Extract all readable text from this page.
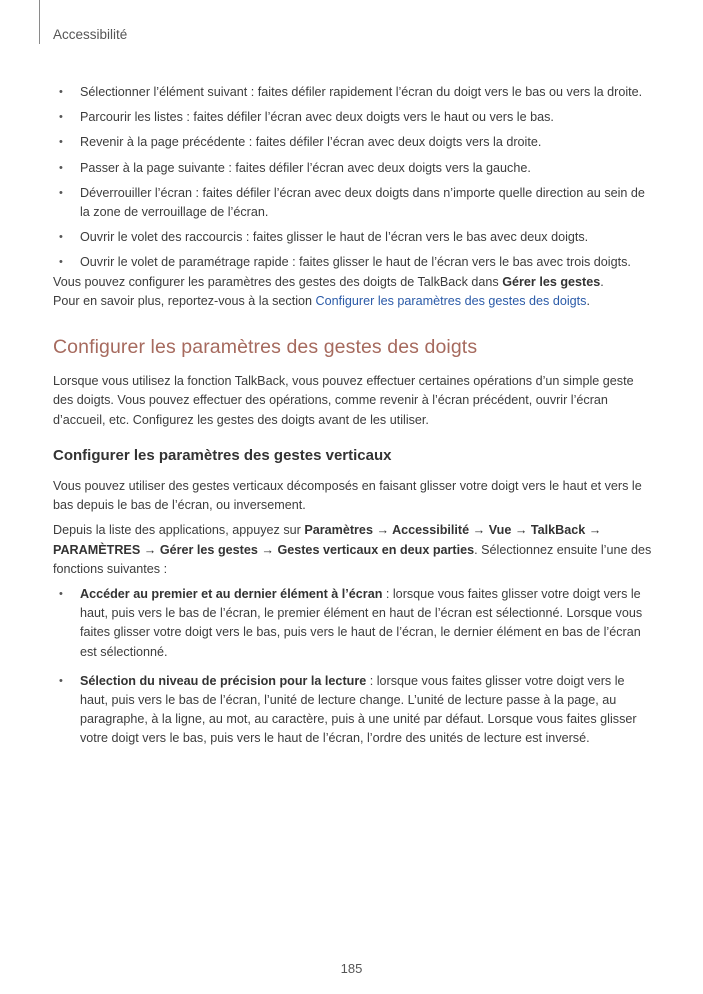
Accessibilité
• Sélectionner l’élément suivant : faites défiler rapidement l’écran du doigt vers le bas ou vers la droite.
• Parcourir les listes : faites défiler l’écran avec deux doigts vers le haut ou vers le bas.
• Revenir à la page précédente : faites défiler l’écran avec deux doigts vers la droite.
• Passer à la page suivante : faites défiler l’écran avec deux doigts vers la gauche.
• Déverrouiller l’écran : faites défiler l’écran avec deux doigts dans n’importe quelle direction au sein de la zone de verrouillage de l’écran.
• Ouvrir le volet des raccourcis : faites glisser le haut de l’écran vers le bas avec deux doigts.
• Ouvrir le volet de paramétrage rapide : faites glisser le haut de l’écran vers le bas avec trois doigts.

Vous pouvez configurer les paramètres des gestes des doigts de TalkBack dans Gérer les gestes.
Pour en savoir plus, reportez-vous à la section Configurer les paramètres des gestes des doigts.

Configurer les paramètres des gestes des doigts

Lorsque vous utilisez la fonction TalkBack, vous pouvez effectuer certaines opérations d’un simple geste des doigts. Vous pouvez effectuer des opérations, comme revenir à l’écran précédent, ouvrir l’écran d’accueil, etc. Configurez les gestes des doigts avant de les utiliser.

Configurer les paramètres des gestes verticaux

Vous pouvez utiliser des gestes verticaux décomposés en faisant glisser votre doigt vers le haut et vers le bas depuis le bas de l’écran, ou inversement.

Depuis la liste des applications, appuyez sur Paramètres → Accessibilité → Vue → TalkBack → PARAMÈTRES → Gérer les gestes → Gestes verticaux en deux parties. Sélectionnez ensuite l’une des fonctions suivantes :

• Accéder au premier et au dernier élément à l’écran : lorsque vous faites glisser votre doigt vers le haut, puis vers le bas de l’écran, le premier élément en haut de l’écran est sélectionné. Lorsque vous faites glisser votre doigt vers le bas, puis vers le haut de l’écran, le dernier élément en bas de l’écran est sélectionné.
• Sélection du niveau de précision pour la lecture : lorsque vous faites glisser votre doigt vers le haut, puis vers le bas de l’écran, l’unité de lecture change. L’unité de lecture passe à la page, au paragraphe, à la ligne, au mot, au caractère, puis à une unité par défaut. Lorsque vous faites glisser votre doigt vers le bas, puis vers le haut de l’écran, l’ordre des unités de lecture est inversé.
185
